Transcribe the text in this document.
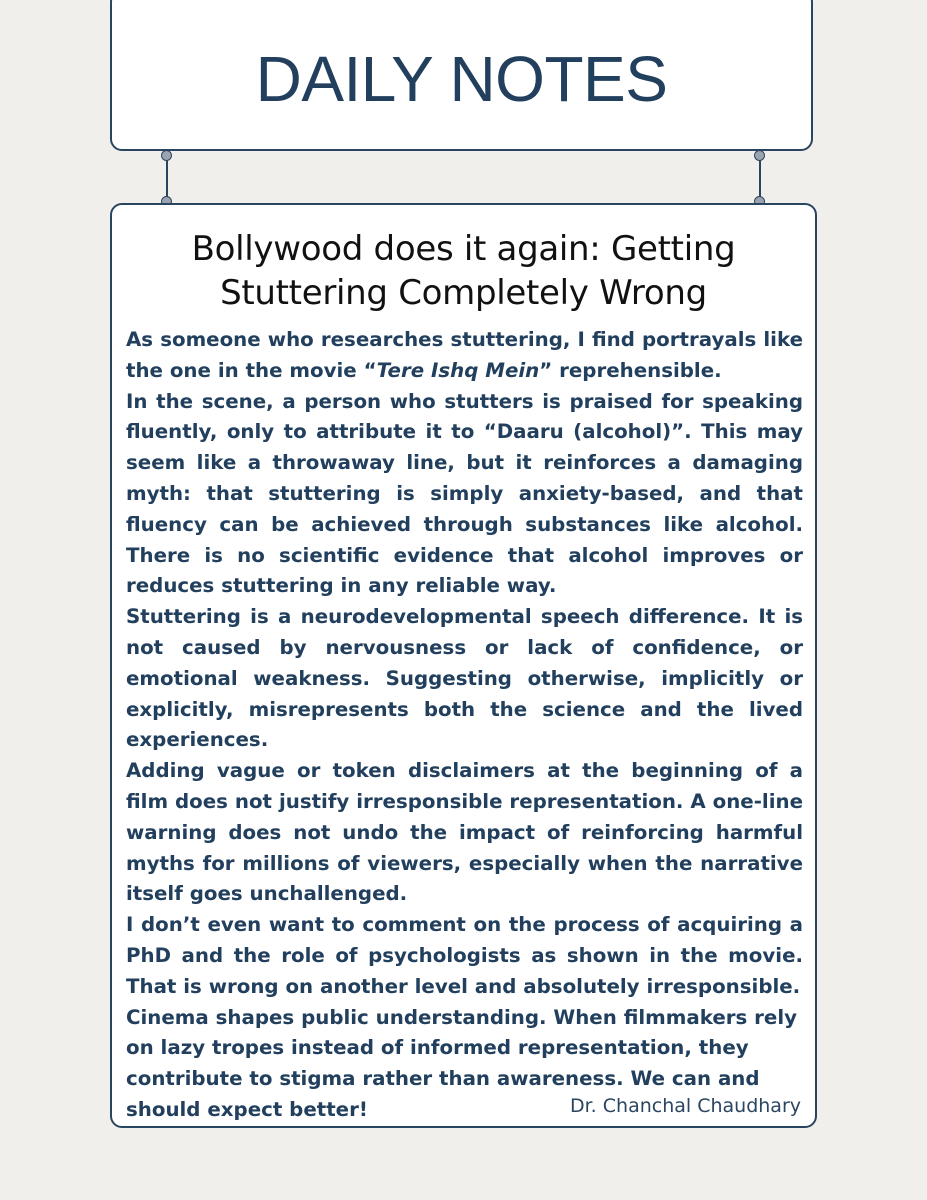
DAILY NOTES
Bollywood does it again: Getting Stuttering Completely Wrong

As someone who researches stuttering, I find portrayals like the one in the movie “Tere Ishq Mein” reprehensible.

In the scene, a person who stutters is praised for speaking fluently, only to attribute it to “Daaru (alcohol)”. This may seem like a throwaway line, but it reinforces a damaging myth: that stuttering is simply anxiety-based, and that fluency can be achieved through substances like alcohol. There is no scientific evidence that alcohol improves or reduces stuttering in any reliable way.

Stuttering is a neurodevelopmental speech difference. It is not caused by nervousness or lack of confidence, or emotional weakness. Suggesting otherwise, implicitly or explicitly, misrepresents both the science and the lived experiences.

Adding vague or token disclaimers at the beginning of a film does not justify irresponsible representation. A one-line warning does not undo the impact of reinforcing harmful myths for millions of viewers, especially when the narrative itself goes unchallenged.

I don’t even want to comment on the process of acquiring a PhD and the role of psychologists as shown in the movie. That is wrong on another level and absolutely irresponsible.

Cinema shapes public understanding. When filmmakers rely on lazy tropes instead of informed representation, they contribute to stigma rather than awareness. We can and should expect better!	Dr. Chanchal Chaudhary
